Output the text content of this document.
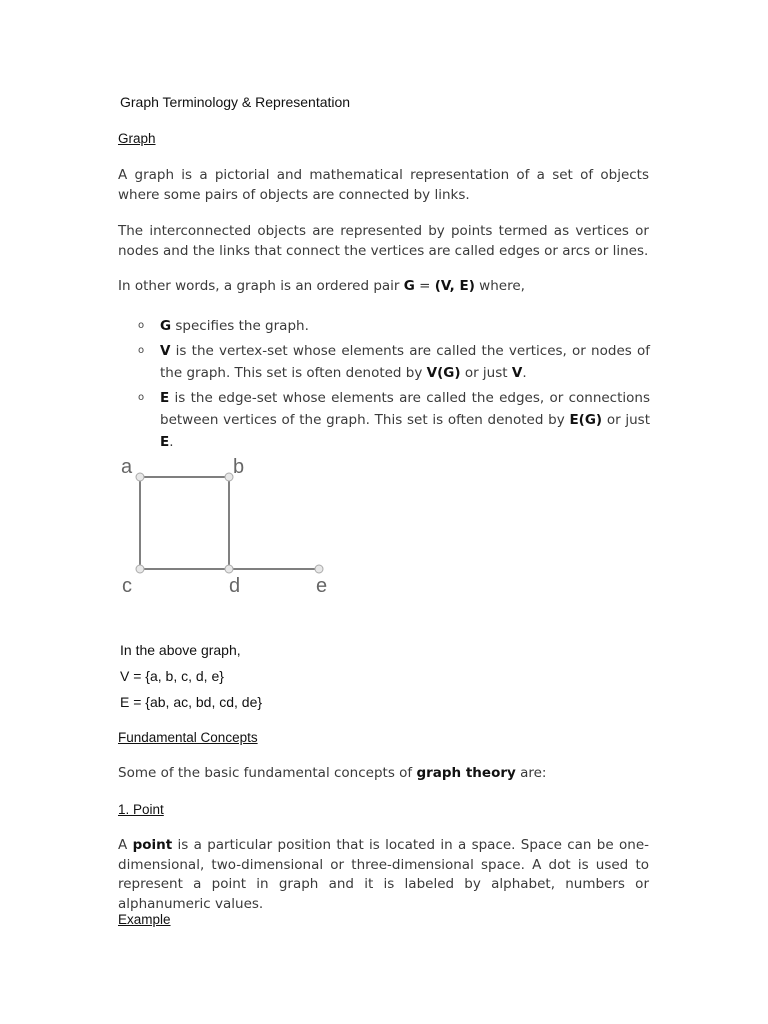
Graph Terminology & Representation
Graph
A graph is a pictorial and mathematical representation of a set of objects where some pairs of objects are connected by links.
The interconnected objects are represented by points termed as vertices or nodes and the links that connect the vertices are called edges or arcs or lines.
In other words, a graph is an ordered pair G = (V, E) where,
o	G specifies the graph.
o	V is the vertex-set whose elements are called the vertices, or nodes of the graph. This set is often denoted by V(G) or just V.
o	E is the edge-set whose elements are called the edges, or connections between vertices of the graph. This set is often denoted by E(G) or just E.
a	b
c	d	e
In the above graph,
V = {a, b, c, d, e}
E = {ab, ac, bd, cd, de}
Fundamental Concepts
Some of the basic fundamental concepts of graph theory are:
1. Point
A point is a particular position that is located in a space. Space can be one-dimensional, two-dimensional or three-dimensional space. A dot is used to represent a point in graph and it is labeled by alphabet, numbers or alphanumeric values.
Example
